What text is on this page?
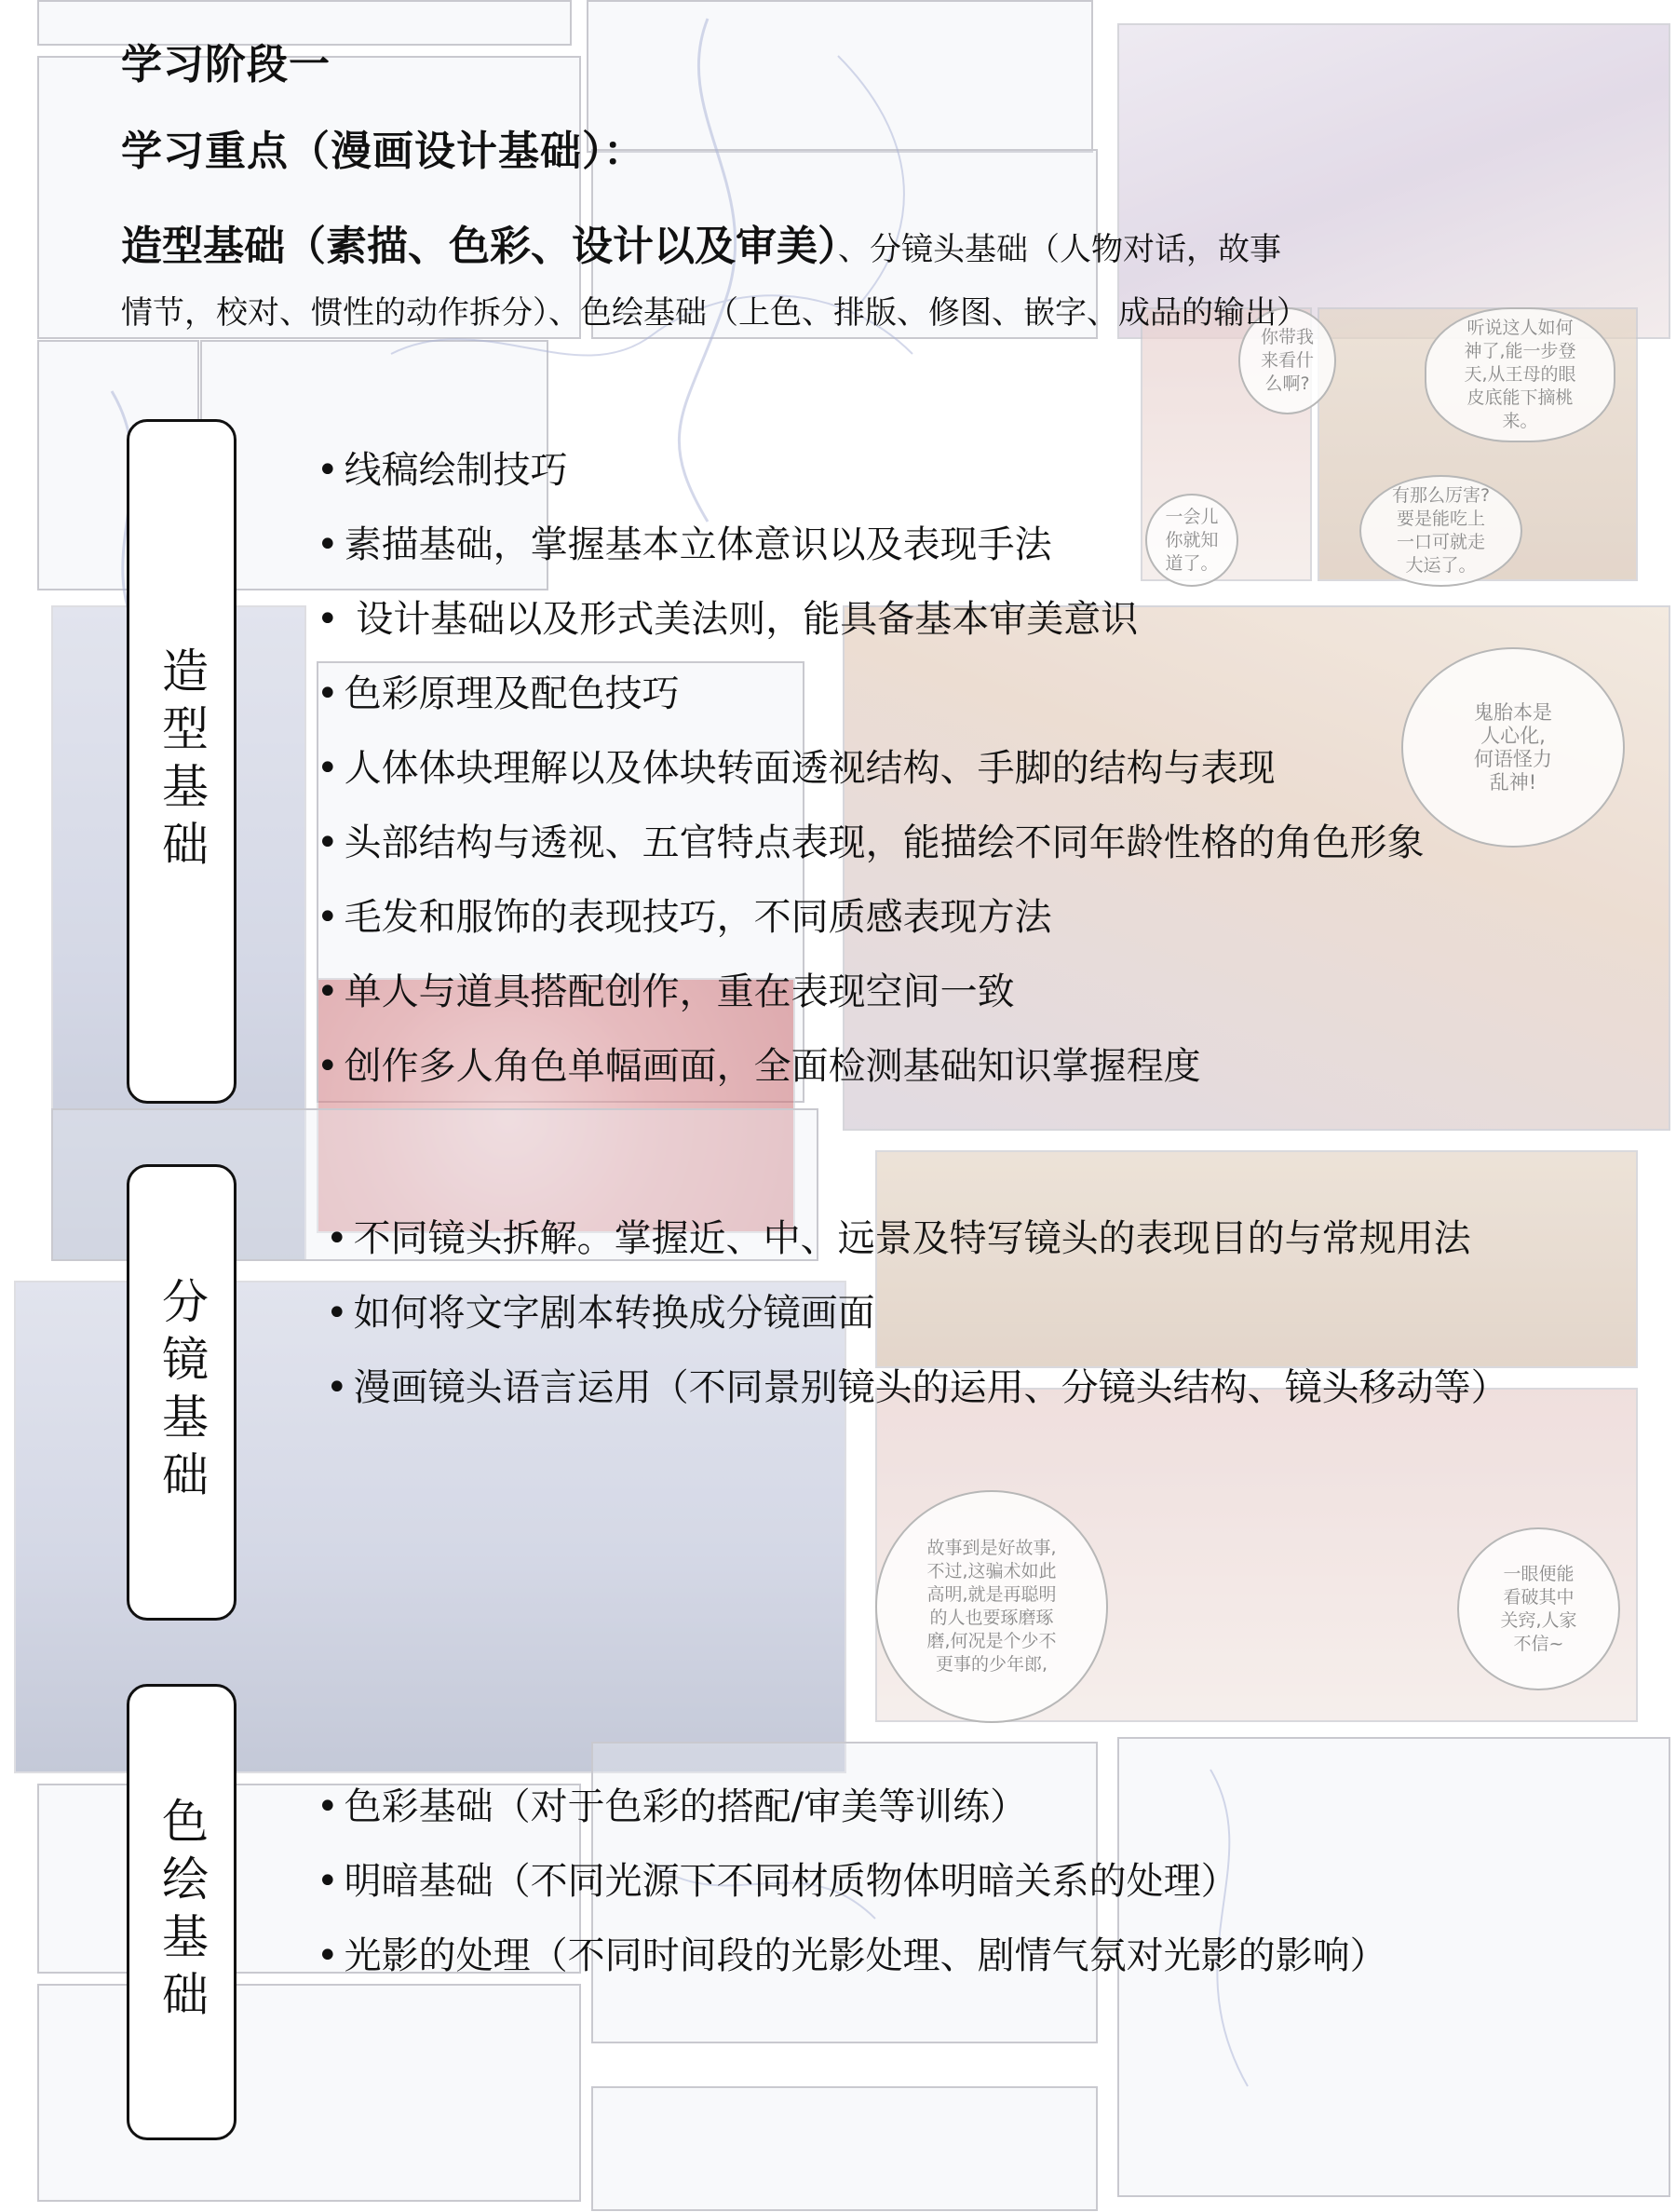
你带我
来看什
么啊?
听说这人如何
神了,能一步登
天,从王母的眼
皮底能下摘桃
来。
一会儿
你就知
道了。
有那么厉害?
要是能吃上
一口可就走
大运了。
鬼胎本是
人心化,
何语怪力
乱神!
故事到是好故事,
不过,这骗术如此
高明,就是再聪明
的人也要琢磨琢
磨,何况是个少不
更事的少年郎,
一眼便能
看破其中
关窍,人家
不信~
学习阶段一
学习重点（漫画设计基础）：
造型基础（素描、色彩、设计以及审美）、分镜头基础（人物对话，故事
情节，校对、惯性的动作拆分）、色绘基础（上色、排版、修图、嵌字、成品的输出）
造型基础
• 线稿绘制技巧
• 素描基础，掌握基本立体意识以及表现手法
• 设计基础以及形式美法则，能具备基本审美意识
• 色彩原理及配色技巧
• 人体体块理解以及体块转面透视结构、手脚的结构与表现
• 头部结构与透视、五官特点表现，能描绘不同年龄性格的角色形象
• 毛发和服饰的表现技巧，不同质感表现方法
• 单人与道具搭配创作，重在表现空间一致
• 创作多人角色单幅画面，全面检测基础知识掌握程度
分镜基础
• 不同镜头拆解。掌握近、中、远景及特写镜头的表现目的与常规用法
• 如何将文字剧本转换成分镜画面
• 漫画镜头语言运用（不同景别镜头的运用、分镜头结构、镜头移动等）
色绘基础
•	色彩基础（对于色彩的搭配/审美等训练）
• 明暗基础（不同光源下不同材质物体明暗关系的处理）
• 光影的处理（不同时间段的光影处理、剧情气氛对光影的影响）
